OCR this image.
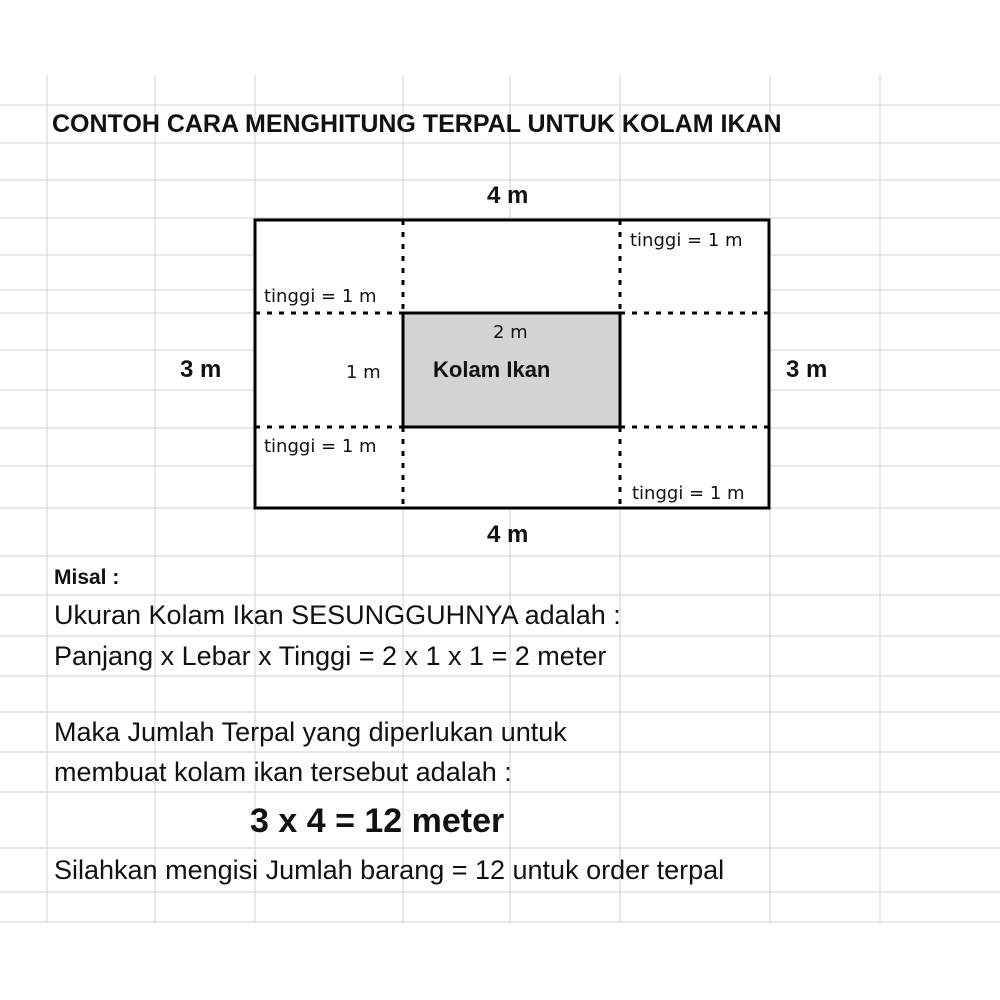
CONTOH CARA MENGHITUNG TERPAL UNTUK KOLAM IKAN
4 m
4 m
3 m	3 m
tinggi = 1 m
tinggi = 1 m
tinggi = 1 m
tinggi = 1 m
2 m
1 m Kolam Ikan
Misal :
Ukuran Kolam Ikan SESUNGGUHNYA adalah :
Panjang x Lebar x Tinggi = 2 x 1 x 1 = 2 meter
Maka Jumlah Terpal yang diperlukan untuk
membuat kolam ikan tersebut adalah :
3 x 4 = 12 meter
Silahkan mengisi Jumlah barang = 12 untuk order terpal
